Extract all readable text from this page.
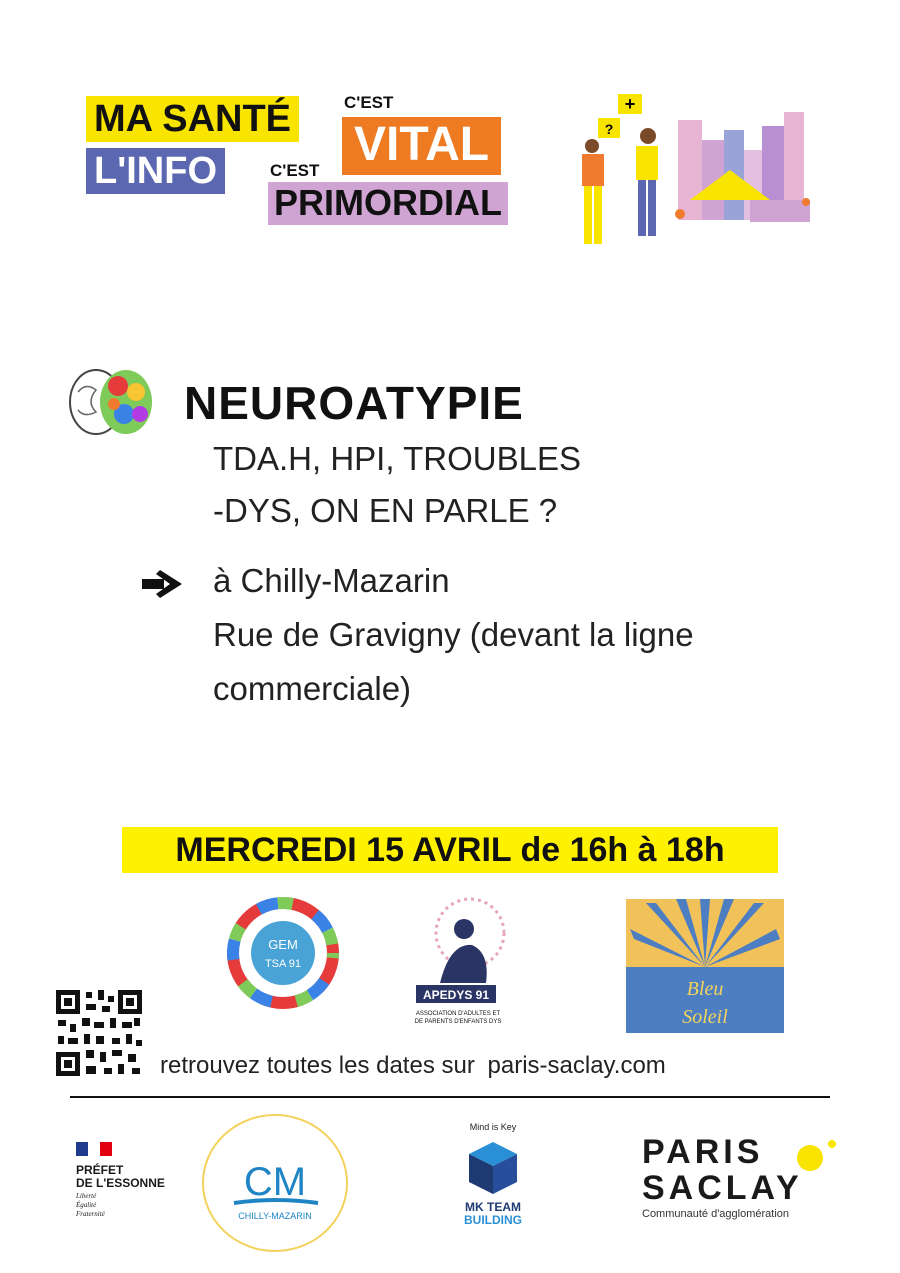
MA SANTÉ	C'EST
VITAL
L'INFO	C'EST
PRIMORDIAL
+
?
NEUROATYPIE
TDA.H, HPI, TROUBLES
-DYS, ON EN PARLE ?
à Chilly-Mazarin
Rue de Gravigny (devant la ligne
commerciale)
MERCREDI 15 AVRIL de 16h à 18h
GEM
TSA 91
APEDYS 91
ASSOCIATION D'ADULTES ET
DE PARENTS D'ENFANTS DYS
Bleu
Soleil
retrouvez toutes les dates sur paris-saclay.com
PRÉFET
DE L'ESSONNE
Liberté
Égalité
Fraternité
CM
CHILLY-MAZARIN
Mind is Key
MK TEAM
BUILDING
PARIS
SACLAY
Communauté d'agglomération
